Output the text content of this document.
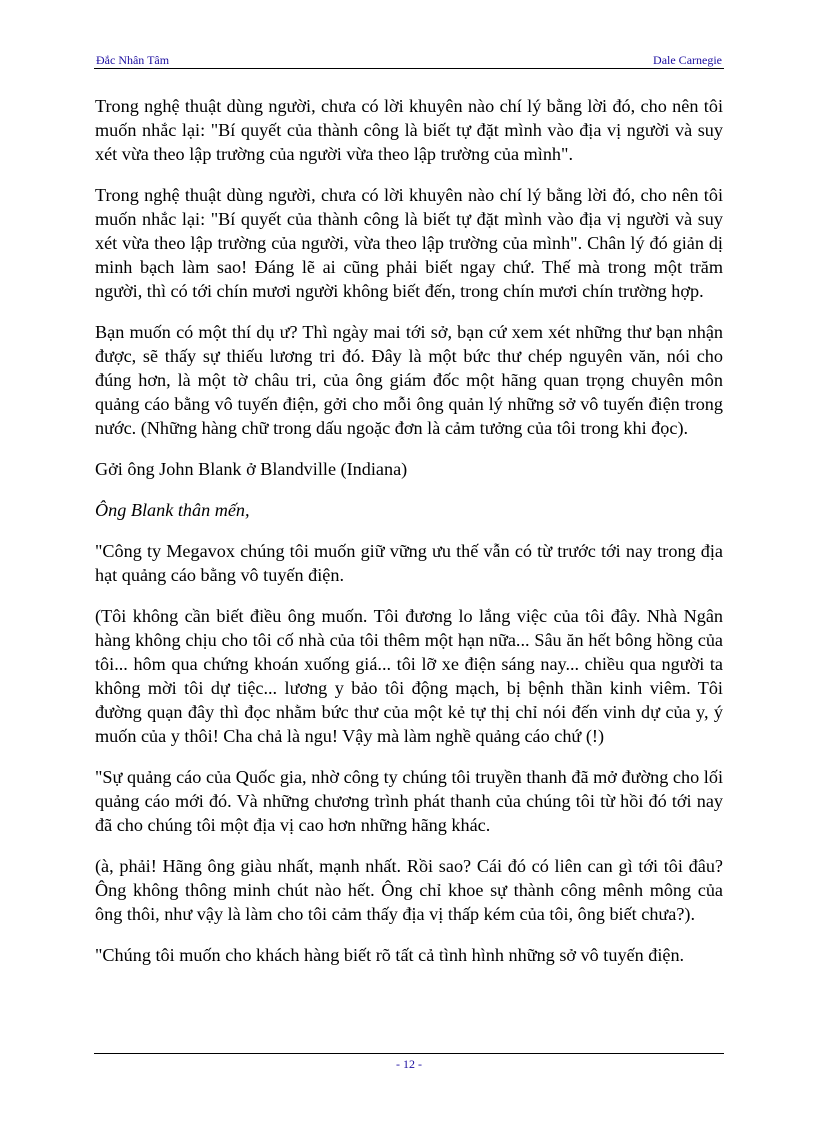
Đắc Nhân Tâm	Dale Carnegie

Trong nghệ thuật dùng người, chưa có lời khuyên nào chí lý bằng lời đó, cho nên tôi muốn nhắc lại: "Bí quyết của thành công là biết tự đặt mình vào địa vị người và suy xét vừa theo lập trường của người vừa theo lập trường của mình".

Trong nghệ thuật dùng người, chưa có lời khuyên nào chí lý bằng lời đó, cho nên tôi muốn nhắc lại: "Bí quyết của thành công là biết tự đặt mình vào địa vị người và suy xét vừa theo lập trường của người, vừa theo lập trường của mình". Chân lý đó giản dị minh bạch làm sao! Đáng lẽ ai cũng phải biết ngay chứ. Thế mà trong một trăm người, thì có tới chín mươi người không biết đến, trong chín mươi chín trường hợp.

Bạn muốn có một thí dụ ư? Thì ngày mai tới sở, bạn cứ xem xét những thư bạn nhận được, sẽ thấy sự thiếu lương tri đó. Đây là một bức thư chép nguyên văn, nói cho đúng hơn, là một tờ châu tri, của ông giám đốc một hãng quan trọng chuyên môn quảng cáo bằng vô tuyến điện, gởi cho mỗi ông quản lý những sở vô tuyến điện trong nước. (Những hàng chữ trong dấu ngoặc đơn là cảm tưởng của tôi trong khi đọc).

Gởi ông John Blank ở Blandville (Indiana)

Ông Blank thân mến,

"Công ty Megavox chúng tôi muốn giữ vững ưu thế vẫn có từ trước tới nay trong địa hạt quảng cáo bằng vô tuyến điện.

(Tôi không cần biết điều ông muốn. Tôi đương lo lắng việc của tôi đây. Nhà Ngân hàng không chịu cho tôi cố nhà của tôi thêm một hạn nữa... Sâu ăn hết bông hồng của tôi... hôm qua chứng khoán xuống giá... tôi lỡ xe điện sáng nay... chiều qua người ta không mời tôi dự tiệc... lương y bảo tôi động mạch, bị bệnh thần kinh viêm. Tôi đường quạn đây thì đọc nhằm bức thư của một kẻ tự thị chỉ nói đến vinh dự của y, ý muốn của y thôi! Cha chả là ngu! Vậy mà làm nghề quảng cáo chứ (!)

"Sự quảng cáo của Quốc gia, nhờ công ty chúng tôi truyền thanh đã mở đường cho lối quảng cáo mới đó. Và những chương trình phát thanh của chúng tôi từ hồi đó tới nay đã cho chúng tôi một địa vị cao hơn những hãng khác.

(à, phải! Hãng ông giàu nhất, mạnh nhất. Rồi sao? Cái đó có liên can gì tới tôi đâu? Ông không thông minh chút nào hết. Ông chỉ khoe sự thành công mênh mông của ông thôi, như vậy là làm cho tôi cảm thấy địa vị thấp kém của tôi, ông biết chưa?).

"Chúng tôi muốn cho khách hàng biết rõ tất cả tình hình những sở vô tuyến điện.

- 12 -
